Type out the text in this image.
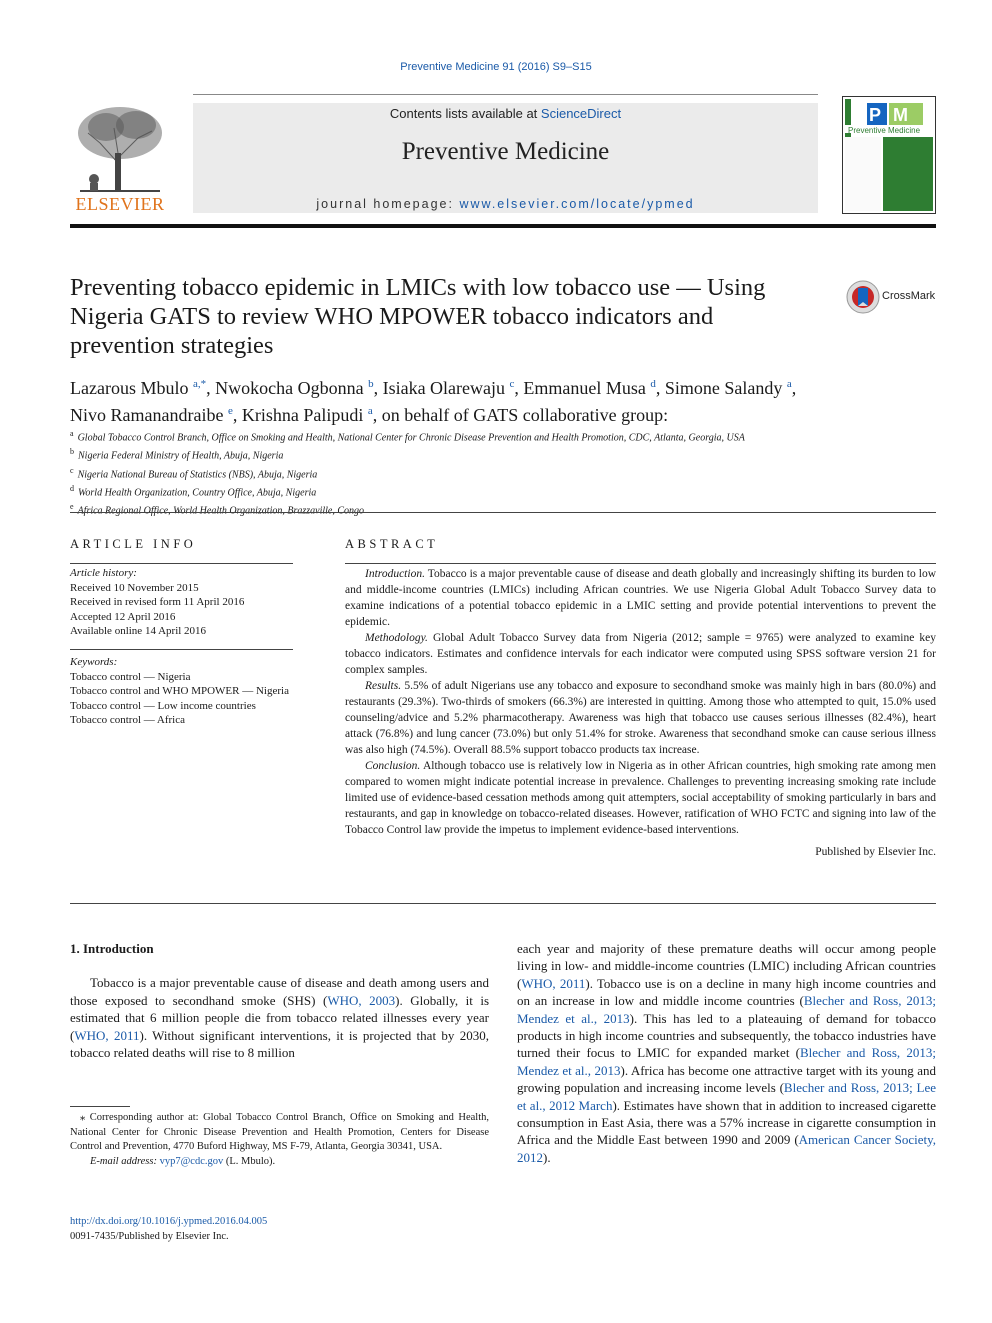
Preventive Medicine 91 (2016) S9–S15
ELSEVIER
Contents lists available at ScienceDirect
Preventive Medicine
journal homepage: www.elsevier.com/locate/ypmed
P M
Preventive Medicine
Preventing tobacco epidemic in LMICs with low tobacco use — Using Nigeria GATS to review WHO MPOWER tobacco indicators and prevention strategies
CrossMark
Lazarous Mbulo $^{a,*}$, Nwokocha Ogbonna $^b$, Isiaka Olarewaju $^c$, Emmanuel Musa $^d$, Simone Salandy $^a$,
Nivo Ramanandraibe $^e$, Krishna Palipudi $^a$, on behalf of GATS collaborative group:
$^a$ Global Tobacco Control Branch, Office on Smoking and Health, National Center for Chronic Disease Prevention and Health Promotion, CDC, Atlanta, Georgia, USA
$^b$ Nigeria Federal Ministry of Health, Abuja, Nigeria
$^c$ Nigeria National Bureau of Statistics (NBS), Abuja, Nigeria
$^d$ World Health Organization, Country Office, Abuja, Nigeria
$^e$
ARTICLE INFO
Article history:
Received 10 November 2015
Received in revised form 11 April 2016
Accepted 12 April 2016
Available online 14 April 2016
Keywords:
Tobacco control — Nigeria
Tobacco control and WHO MPOWER — Nigeria
Tobacco control — Low income countries
Tobacco control — Africa
ABSTRACT

Introduction. Tobacco is a major preventable cause of disease and death globally and increasingly shifting its burden to low and middle-income countries (LMICs) including African countries. We use Nigeria Global Adult Tobacco Survey data to examine indications of a potential tobacco epidemic in a LMIC setting and provide potential interventions to prevent the epidemic.

Methodology. Global Adult Tobacco Survey data from Nigeria (2012; sample = 9765) were analyzed to examine key tobacco indicators. Estimates and confidence intervals for each indicator were computed using SPSS software version 21 for complex samples.

Results. 5.5% of adult Nigerians use any tobacco and exposure to secondhand smoke was mainly high in bars (80.0%) and restaurants (29.3%). Two-thirds of smokers (66.3%) are interested in quitting. Among those who attempted to quit, 15.0% used counseling/advice and 5.2% pharmacotherapy. Awareness was high that tobacco use causes serious illnesses (82.4%), heart attack (76.8%) and lung cancer (73.0%) but only 51.4% for stroke. Awareness that secondhand smoke can cause serious illness was also high (74.5%). Overall 88.5% support tobacco products tax increase.

Conclusion. Although tobacco use is relatively low in Nigeria as in other African countries, high smoking rate among men compared to women might indicate potential increase in prevalence. Challenges to preventing increasing smoking rate include limited use of evidence-based cessation methods among quit attempters, social acceptability of smoking particularly in bars and restaurants, and gap in knowledge on tobacco-related diseases. However, ratification of WHO FCTC and signing into law of the Tobacco Control law provide the impetus to implement evidence-based interventions.

Published by Elsevier Inc.
1. Introduction

Tobacco is a major preventable cause of disease and death among users and those exposed to secondhand smoke (SHS) (WHO, 2003). Globally, it is estimated that 6 million people die from tobacco related illnesses every year (WHO, 2011). Without significant interventions, it is projected that by 2030, tobacco related deaths will rise to 8 million

each year and majority of these premature deaths will occur among people living in low- and middle-income countries (LMIC) including African countries (WHO, 2011). Tobacco use is on a decline in many high income countries and on an increase in low and middle income countries (Blecher and Ross, 2013; Mendez et al., 2013). This has led to a plateauing of demand for tobacco products in high income countries and subsequently, the tobacco industries have turned their focus to LMIC for expanded market (Blecher and Ross, 2013; Mendez et al., 2013). Africa has become one attractive target with its young and growing population and increasing income levels (Blecher and Ross, 2013; Lee et al., 2012 March). Estimates have shown that in addition to increased cigarette consumption in East Asia, there was a 57% increase in cigarette consumption in Africa and the Middle East between 1990 and 2009 (American Cancer Society, 2012).

⁎ Corresponding author at: Global Tobacco Control Branch, Office on Smoking and Health, National Center for Chronic Disease Prevention and Health Promotion, Centers for Disease Control and Prevention, 4770 Buford Highway, MS F-79, Atlanta, Georgia 30341, USA.
E-mail address: vyp7@cdc.gov (L. Mbulo).
http://dx.doi.org/10.1016/j.ypmed.2016.04.005
0091-7435/Published by Elsevier Inc.
